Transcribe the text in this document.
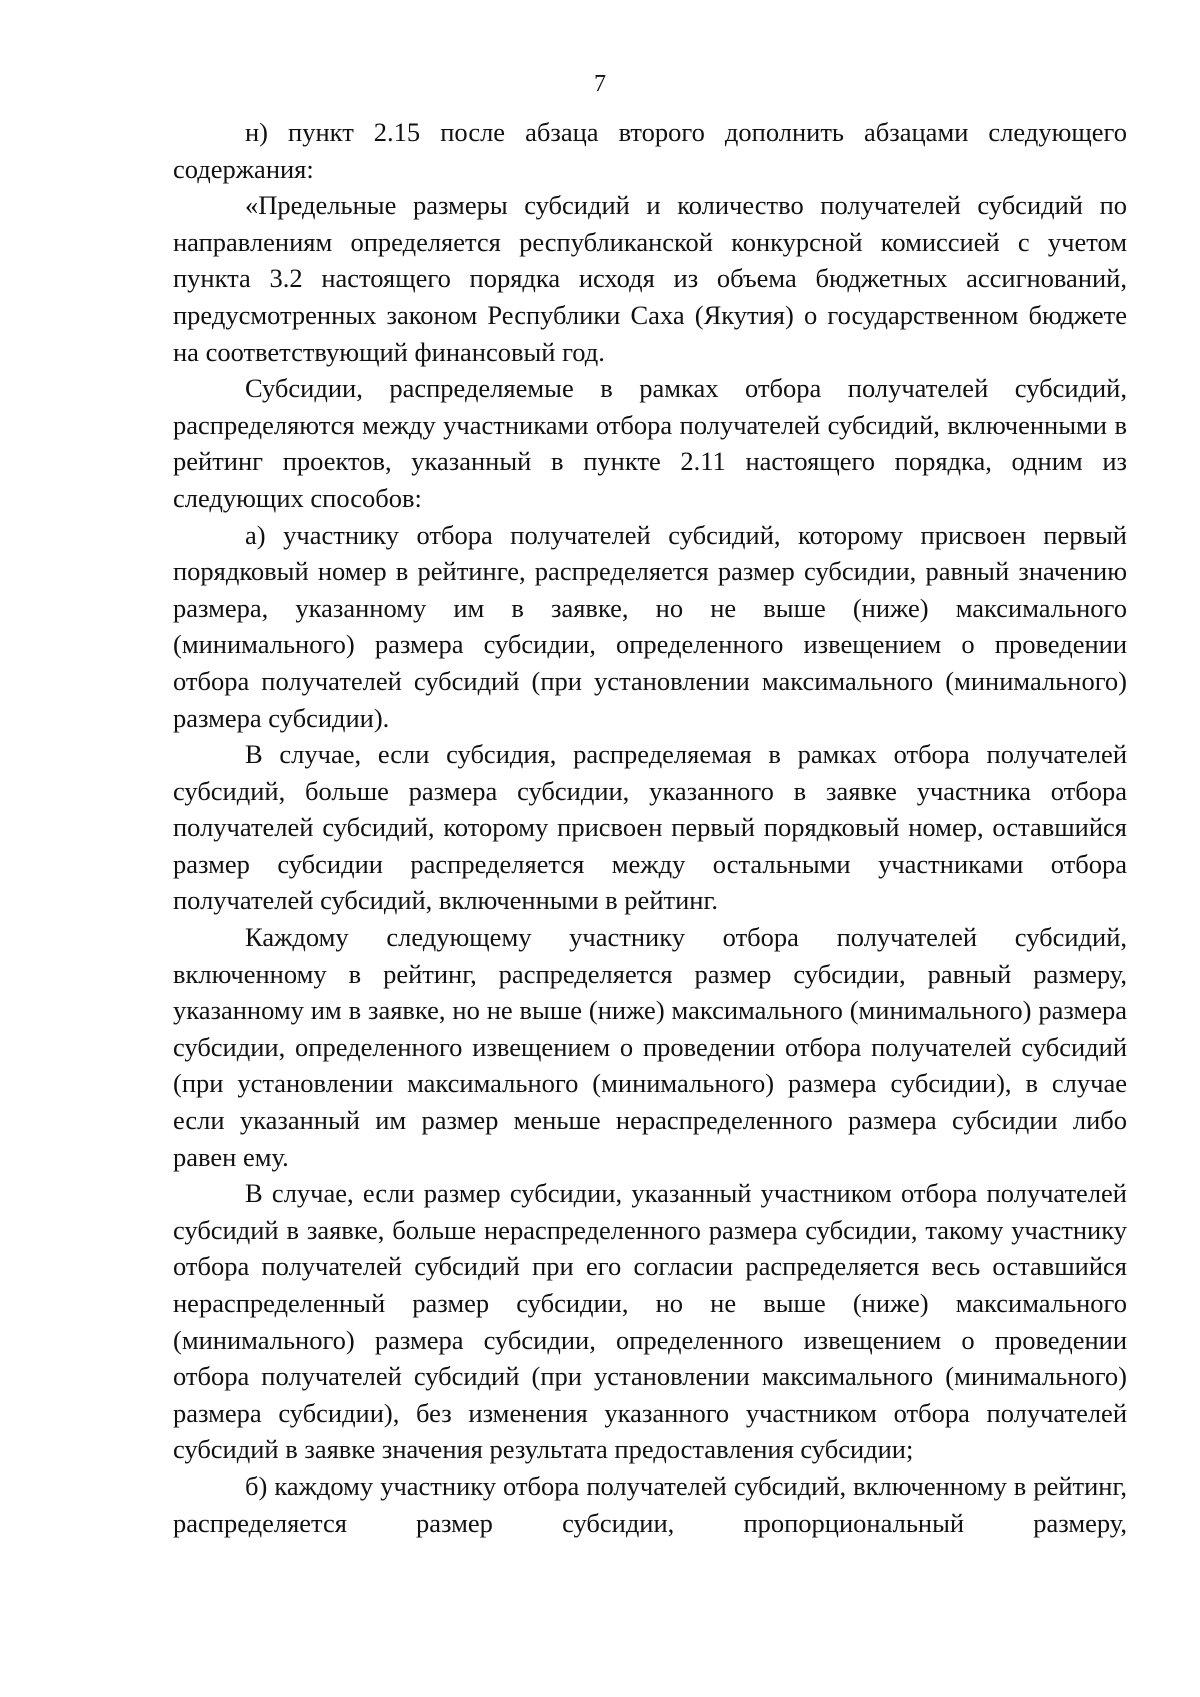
7

н) пункт 2.15 после абзаца второго дополнить абзацами следующего содержания:

«Предельные размеры субсидий и количество получателей субсидий по направлениям определяется республиканской конкурсной комиссией с учетом пункта 3.2 настоящего порядка исходя из объема бюджетных ассигнований, предусмотренных законом Республики Саха (Якутия) о государственном бюджете на соответствующий финансовый год.

Субсидии, распределяемые в рамках отбора получателей субсидий, распределяются между участниками отбора получателей субсидий, включенными в рейтинг проектов, указанный в пункте 2.11 настоящего порядка, одним из следующих способов:

а) участнику отбора получателей субсидий, которому присвоен первый порядковый номер в рейтинге, распределяется размер субсидии, равный значению размера, указанному им в заявке, но не выше (ниже) максимального (минимального) размера субсидии, определенного извещением о проведении отбора получателей субсидий (при установлении максимального (минимального) размера субсидии).

В случае, если субсидия, распределяемая в рамках отбора получателей субсидий, больше размера субсидии, указанного в заявке участника отбора получателей субсидий, которому присвоен первый порядковый номер, оставшийся размер субсидии распределяется между остальными участниками отбора получателей субсидий, включенными в рейтинг.

Каждому следующему участнику отбора получателей субсидий, включенному в рейтинг, распределяется размер субсидии, равный размеру, указанному им в заявке, но не выше (ниже) максимального (минимального) размера субсидии, определенного извещением о проведении отбора получателей субсидий (при установлении максимального (минимального) размера субсидии), в случае если указанный им размер меньше нераспределенного размера субсидии либо равен ему.

В случае, если размер субсидии, указанный участником отбора получателей субсидий в заявке, больше нераспределенного размера субсидии, такому участнику отбора получателей субсидий при его согласии распределяется весь оставшийся нераспределенный размер субсидии, но не выше (ниже) максимального (минимального) размера субсидии, определенного извещением о проведении отбора получателей субсидий (при установлении максимального (минимального) размера субсидии), без изменения указанного участником отбора получателей субсидий в заявке значения результата предоставления субсидии;

б) каждому участнику отбора получателей субсидий, включенному в рейтинг, распределяется размер субсидии, пропорциональный размеру,
